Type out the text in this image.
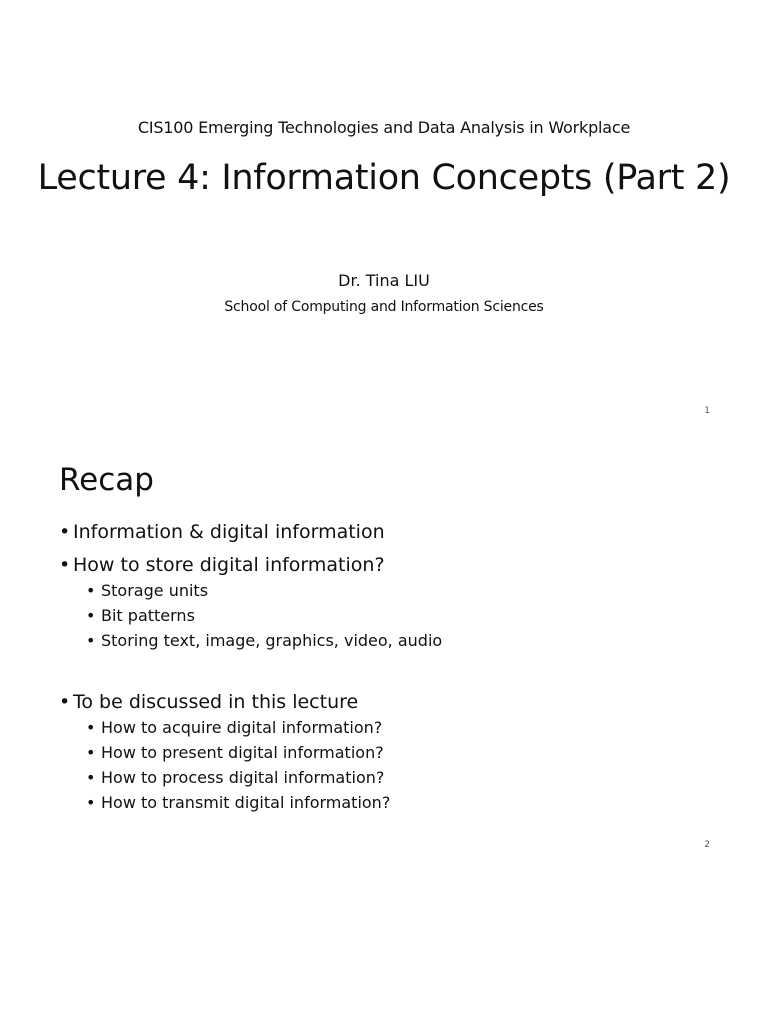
CIS100 Emerging Technologies and Data Analysis in Workplace
Lecture 4: Information Concepts (Part 2)
Dr. Tina LIU
School of Computing and Information Sciences
1
Recap
• Information & digital information
• How to store digital information?
• Storage units
• Bit patterns
• Storing text, image, graphics, video, audio
• To be discussed in this lecture
• How to acquire digital information?
• How to present digital information?
• How to process digital information?
• How to transmit digital information?
2
